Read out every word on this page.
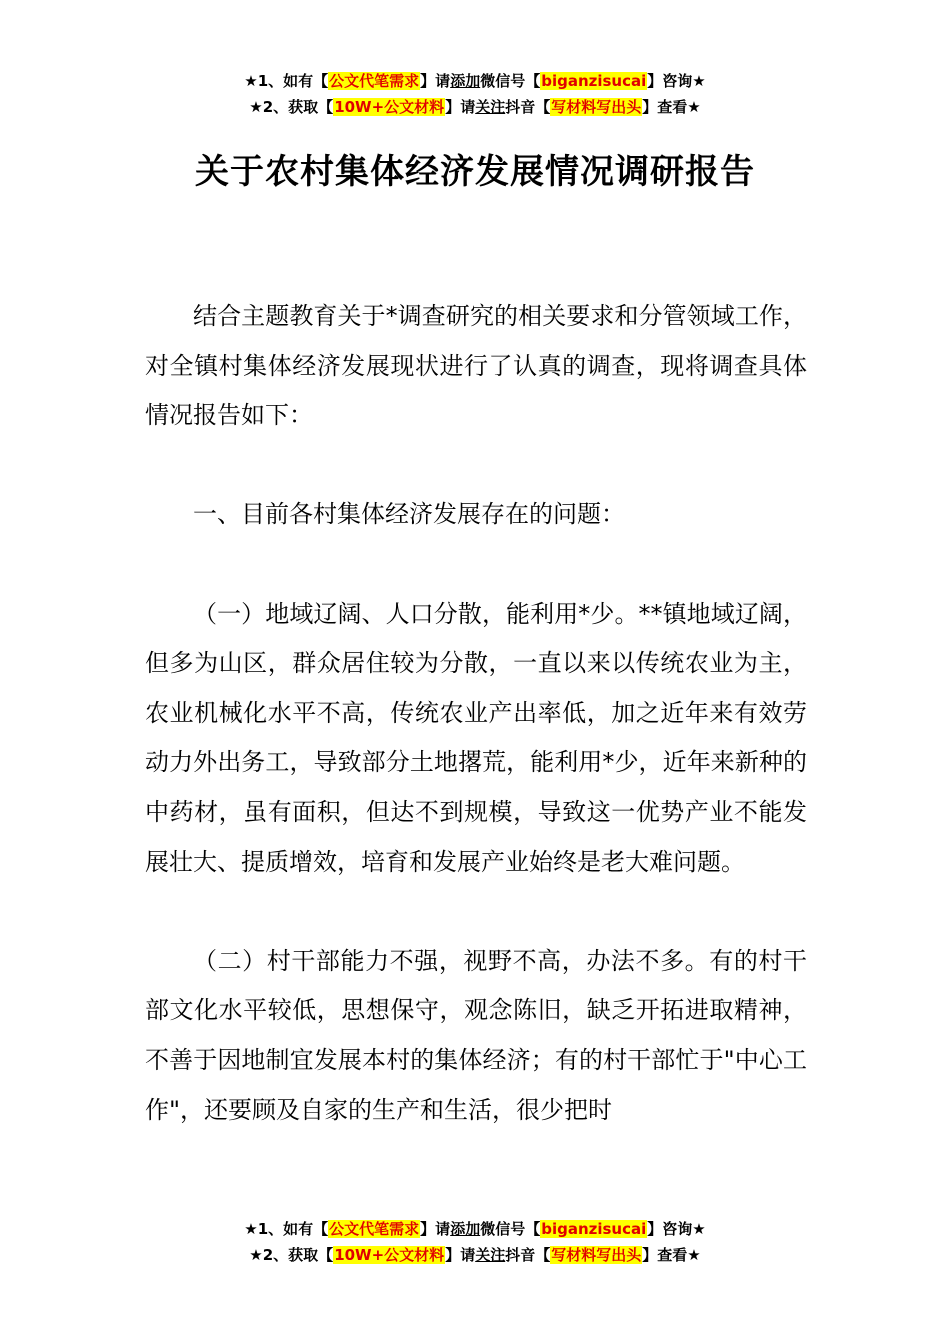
★1、如有【公文代笔需求】请添加微信号【biganzisucai】咨询★
★2、获取【10W+公文材料】请关注抖音【写材料写出头】查看★
关于农村集体经济发展情况调研报告

结合主题教育关于*调查研究的相关要求和分管领域工作，对全镇村集体经济发展现状进行了认真的调查，现将调查具体情况报告如下：

一、目前各村集体经济发展存在的问题：

（一）地域辽阔、人口分散，能利用*少。**镇地域辽阔，但多为山区，群众居住较为分散，一直以来以传统农业为主，农业机械化水平不高，传统农业产出率低，加之近年来有效劳动力外出务工，导致部分土地撂荒，能利用*少，近年来新种的中药材，虽有面积，但达不到规模，导致这一优势产业不能发展壮大、提质增效，培育和发展产业始终是老大难问题。

（二）村干部能力不强，视野不高，办法不多。有的村干部文化水平较低，思想保守，观念陈旧，缺乏开拓进取精神，不善于因地制宜发展本村的集体经济；有的村干部忙于"中心工作"，还要顾及自家的生产和生活，很少把时

★1、如有【公文代笔需求】请添加微信号【biganzisucai】咨询★
★2、获取【10W+公文材料】请关注抖音【写材料写出头】查看★
